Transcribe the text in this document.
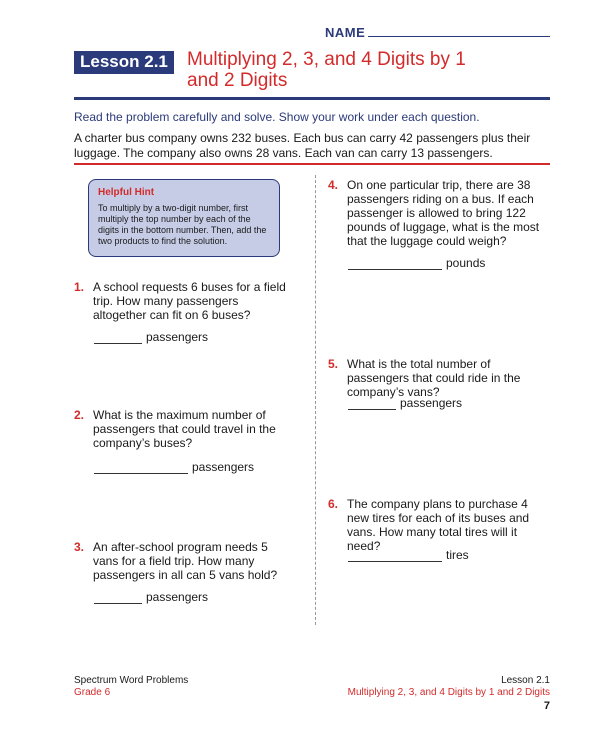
NAME
Lesson 2.1	Multiplying 2, 3, and 4 Digits by 1 and 2 Digits
Read the problem carefully and solve. Show your work under each question.
A charter bus company owns 232 buses. Each bus can carry 42 passengers plus their luggage. The company also owns 28 vans. Each van can carry 13 passengers.
Helpful Hint
To multiply by a two-digit number, first multiply the top number by each of the digits in the bottom number. Then, add the two products to find the solution.
1. A school requests 6 buses for a field trip. How many passengers altogether can fit on 6 buses?
passengers
2. What is the maximum number of passengers that could travel in the company’s buses?
passengers
3. An after-school program needs 5 vans for a field trip. How many passengers in all can 5 vans hold?
passengers
4. On one particular trip, there are 38 passengers riding on a bus. If each passenger is allowed to bring 122 pounds of luggage, what is the most that the luggage could weigh?
pounds
5. What is the total number of passengers that could ride in the company’s vans?
passengers
6. The company plans to purchase 4 new tires for each of its buses and vans. How many total tires will it need?
tires
Spectrum Word Problems
Grade 6
Lesson 2.1
Multiplying 2, 3, and 4 Digits by 1 and 2 Digits
7
